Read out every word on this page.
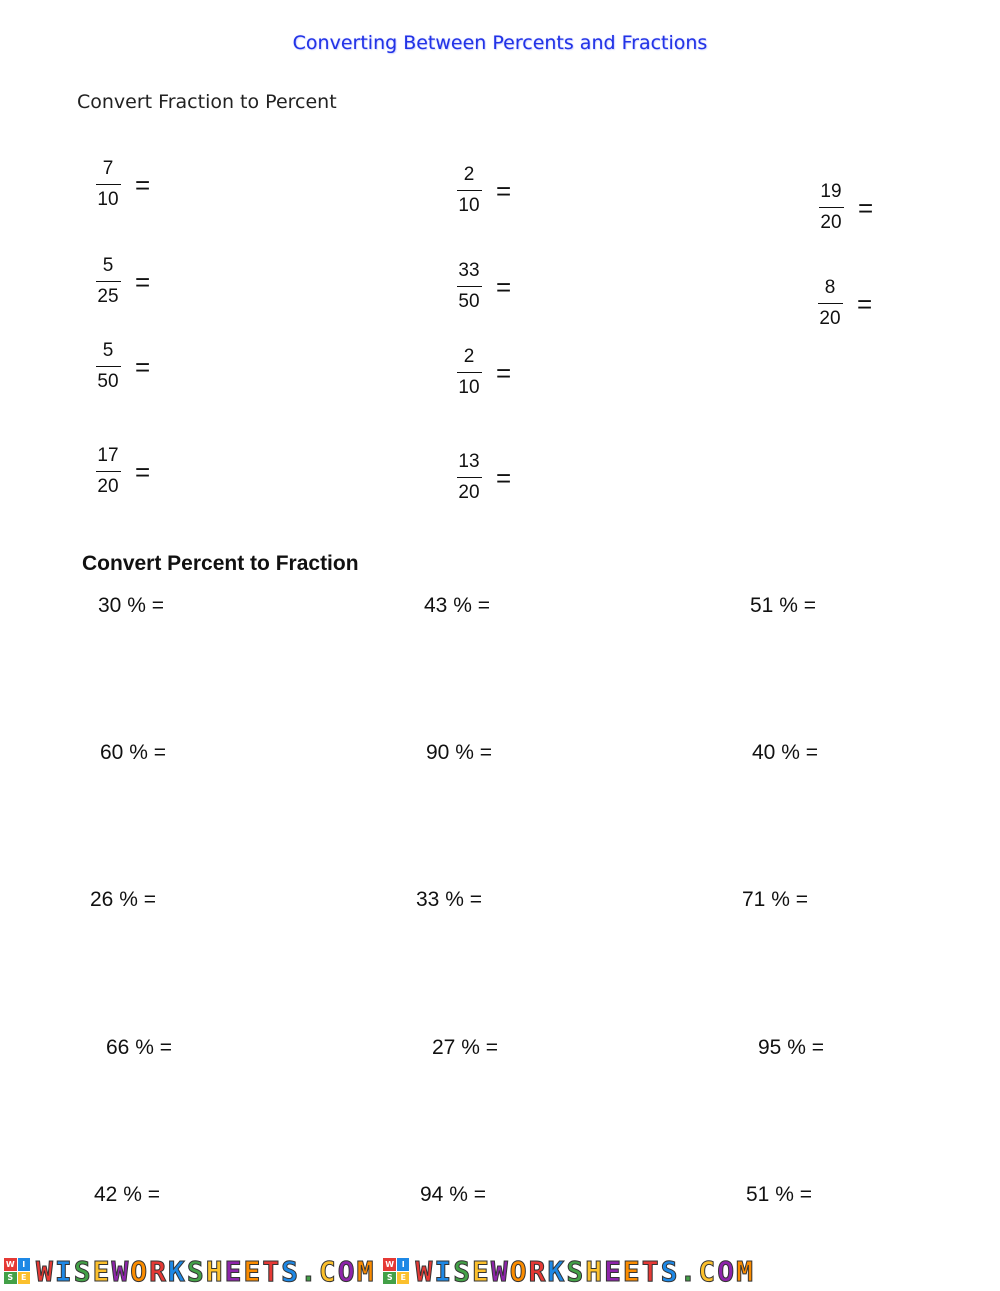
Converting Between Percents and Fractions
Convert Fraction to Percent
$\frac{7}{10}$ =	$\frac{2}{10}$ =	$\frac{19}{20}$ =
$\frac{5}{25}$ =	$\frac{33}{50}$ =	$\frac{8}{20}$ =
$\frac{5}{50}$ =	$\frac{2}{10}$ =
$\frac{17}{20}$ =	$\frac{13}{20}$ =
Convert Percent to Fraction
30 % =	43 % =	51 % =
60 % =	90 % =	40 % =
26 % =	33 % =	71 % =
66 % =	27 % =	95 % =
42 % =	94 % =	51 % =
W I
S E WISEWORKSHEETS.COM W I
S E WISEWORKSHEETS.COM
